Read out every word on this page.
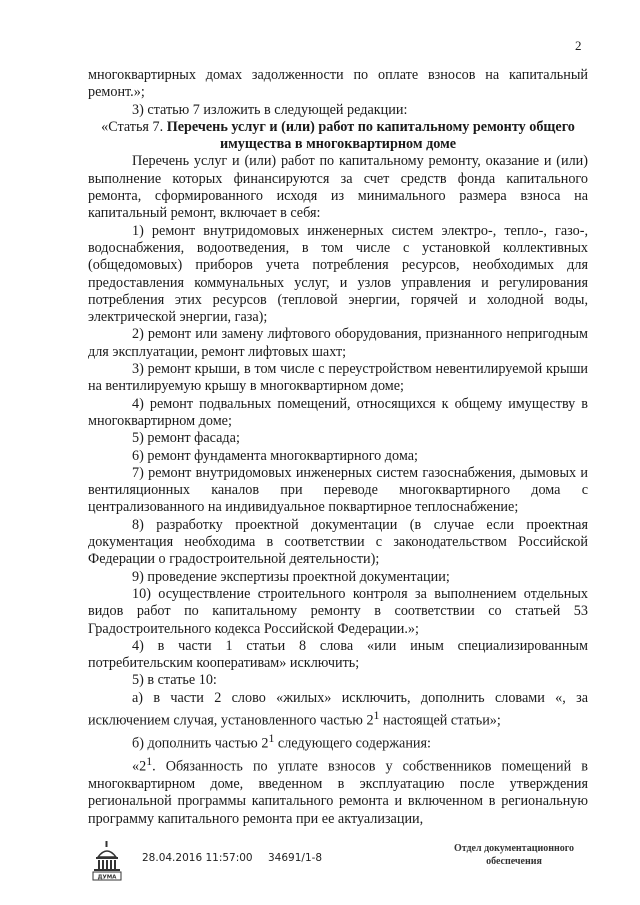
2

многоквартирных домах задолженности по оплате взносов на капитальный ремонт.»;

3) статью 7 изложить в следующей редакции:

«Статья 7. Перечень услуг и (или) работ по капитальному ремонту общего имущества в многоквартирном доме

Перечень услуг и (или) работ по капитальному ремонту, оказание и (или) выполнение которых финансируются за счет средств фонда капитального ремонта, сформированного исходя из минимального размера взноса на капитальный ремонт, включает в себя:

1) ремонт внутридомовых инженерных систем электро-, тепло-, газо-, водоснабжения, водоотведения, в том числе с установкой коллективных (общедомовых) приборов учета потребления ресурсов, необходимых для предоставления коммунальных услуг, и узлов управления и регулирования потребления этих ресурсов (тепловой энергии, горячей и холодной воды, электрической энергии, газа);

2) ремонт или замену лифтового оборудования, признанного непригодным для эксплуатации, ремонт лифтовых шахт;

3) ремонт крыши, в том числе с переустройством невентилируемой крыши на вентилируемую крышу в многоквартирном доме;

4) ремонт подвальных помещений, относящихся к общему имуществу в многоквартирном доме;

5) ремонт фасада;

6) ремонт фундамента многоквартирного дома;

7) ремонт внутридомовых инженерных систем газоснабжения, дымовых и вентиляционных каналов при переводе многоквартирного дома с централизованного на индивидуальное поквартирное теплоснабжение;

8) разработку проектной документации (в случае если проектная документация необходима в соответствии с законодательством Российской Федерации о градостроительной деятельности);

9) проведение экспертизы проектной документации;

10) осуществление строительного контроля за выполнением отдельных видов работ по капитальному ремонту в соответствии со статьей 53 Градостроительного кодекса Российской Федерации.»;

4) в части 1 статьи 8 слова «или иным специализированным потребительским кооперативам» исключить;

5) в статье 10:

а) в части 2 слово «жилых» исключить, дополнить словами «, за исключением случая, установленного частью $2^1$ настоящей статьи»;

б) дополнить частью $2^1$ следующего содержания:

«$2^1$. Обязанность по уплате взносов у собственников помещений в многоквартирном доме, введенном в эксплуатацию после утверждения региональной программы капитального ремонта и включенном в региональную программу капитального ремонта при ее актуализации,

ДУМА
28.04.2016 11:57:00 34691/1-8
Отдел документационного обеспечения
